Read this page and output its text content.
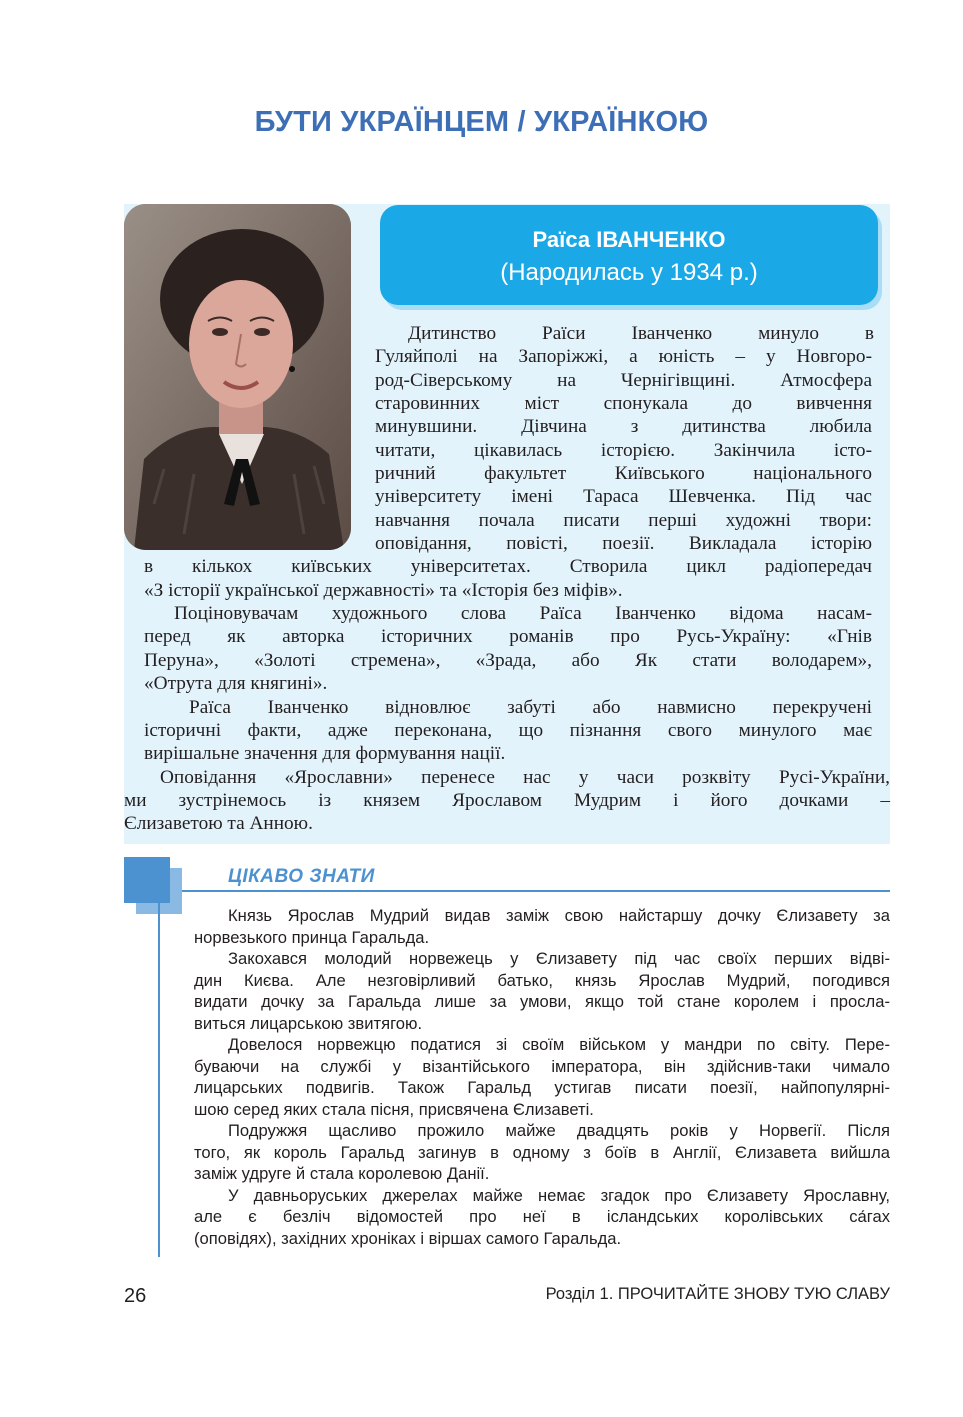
БУТИ УКРАЇНЦЕМ / УКРАЇНКОЮ
Раїса ІВАНЧЕНКО
(Народилась у 1934 р.)
Дитинство Раїси Іванченко минуло в
Гуляйполі на Запоріжжі, а юність – у Новгоро-
род-Сіверському на Чернігівщині. Атмосфера
старовинних міст спонукала до вивчення
минувшини. Дівчина з дитинства любила
читати, цікавилась історією. Закінчила істо-
ричний факультет Київського національного
університету імені Тараса Шевченка. Під час
навчання почала писати перші художні твори:
оповідання, повісті, поезії. Викладала історію
в кількох київських університетах. Створила цикл радіопередач
«З історії української державності» та «Історія без міфів».
Поціновувачам художнього слова Раїса Іванченко відома насам-
перед як авторка історичних романів про Русь-Україну: «Гнів
Перуна», «Золоті стремена», «Зрада, або Як стати володарем»,
«Отрута для княгині».
Раїса Іванченко відновлює забуті або навмисно перекручені
історичні факти, адже переконана, що пізнання свого минулого має
вирішальне значення для формування нації.
Оповідання «Ярославни» перенесе нас у часи розквіту Русі-України,
ми зустрінемось із князем Ярославом Мудрим і його дочками –
Єлизаветою та Анною.
ЦІКАВО ЗНАТИ
Князь Ярослав Мудрий видав заміж свою найстаршу дочку Єлизавету за
норвезького принца Гаральда.
Закохався молодий норвежець у Єлизавету під час своїх перших відві-
дин Києва. Але незговірливий батько, князь Ярослав Мудрий, погодився
видати дочку за Гаральда лише за умови, якщо той стане королем і просла-
виться лицарською звитягою.
Довелося норвежцю податися зі своїм військом у мандри по світу. Пере-
буваючи на службі у візантійського імператора, він здійснив-таки чимало
лицарських подвигів. Також Гаральд устигав писати поезії, найпопулярні-
шою серед яких стала пісня, присвячена Єлизаветі.
Подружжя щасливо прожило майже двадцять років у Норвегії. Після
того, як король Гаральд загинув в одному з боїв в Англії, Єлизавета вийшла
заміж удруге й стала королевою Данії.
У давньоруських джерелах майже немає згадок про Єлизавету Ярославну,
але є безліч відомостей про неї в ісландських королівських са́гах
(оповідях), західних хроніках і віршах самого Гаральда.
26	Розділ 1. ПРОЧИТАЙТЕ ЗНОВУ ТУЮ СЛАВУ
